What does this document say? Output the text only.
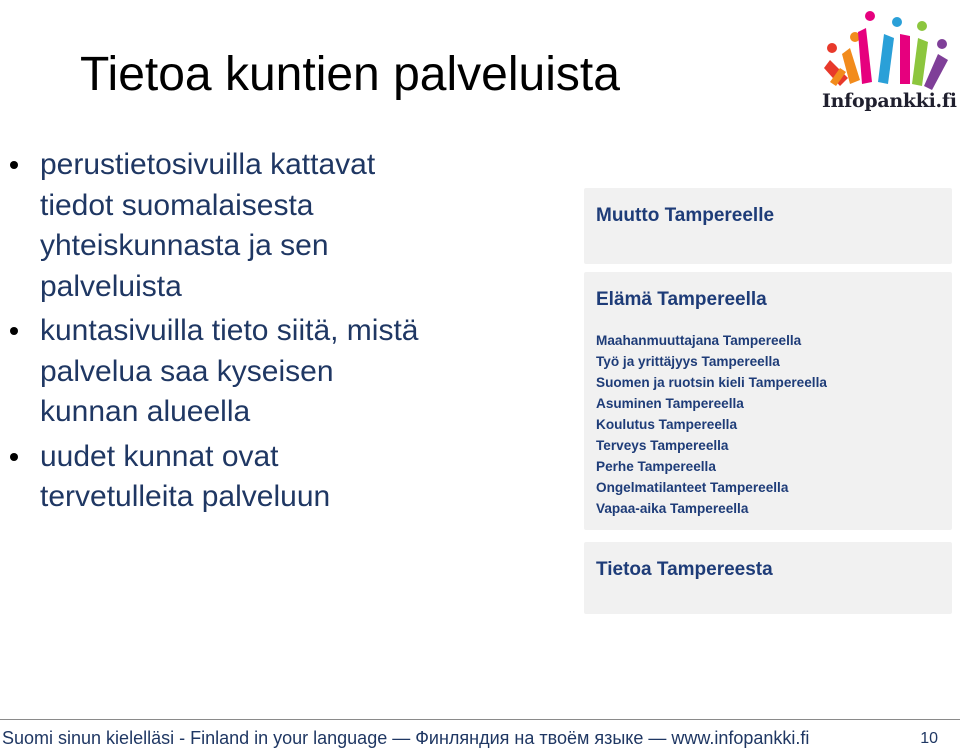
Tietoa kuntien palveluista	Infopankki.fi
perustietosivuilla kattavat
tiedot suomalaisesta
yhteiskunnasta ja sen
palveluista
kuntasivuilla tieto siitä, mistä
palvelua saa kyseisen
kunnan alueella
uudet kunnat ovat
tervetulleita palveluun
Muutto Tampereelle
Elämä Tampereella
Maahanmuuttajana Tampereella
Työ ja yrittäjyys Tampereella
Suomen ja ruotsin kieli Tampereella
Asuminen Tampereella
Koulutus Tampereella
Terveys Tampereella
Perhe Tampereella
Ongelmatilanteet Tampereella
Vapaa-aika Tampereella
Tietoa Tampereesta
Suomi sinun kielelläsi - Finland in your language — Финляндия на твоём языке — www.infopankki.fi	10
